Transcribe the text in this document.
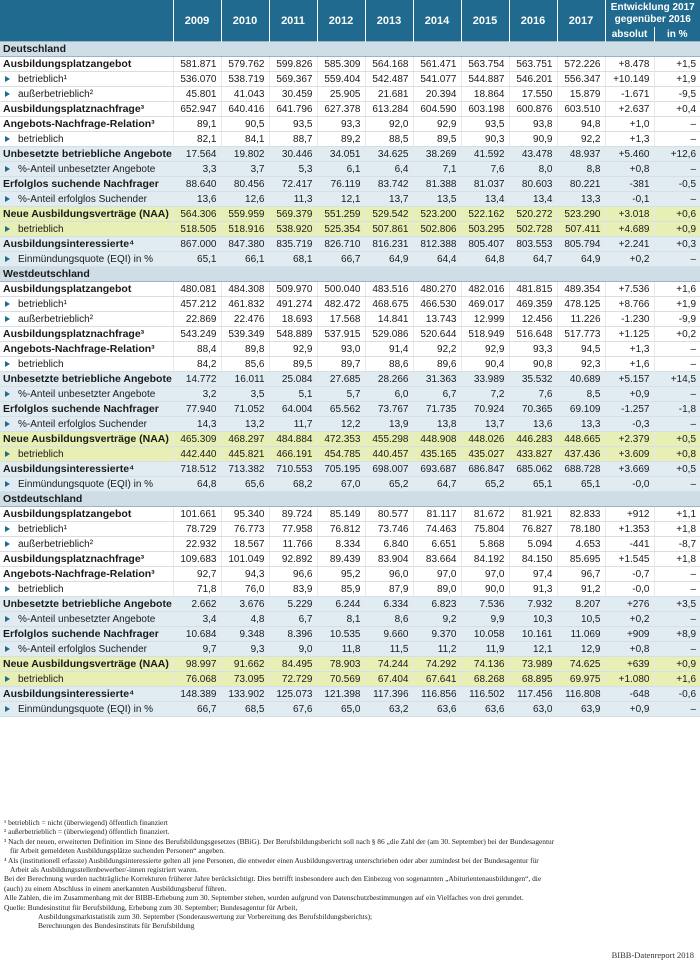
	2009	2010	2011	2012	2013	2014	2015	2016	2017	Entwicklung 2017
gegenüber 2016	
										absolut	in %
Deutschland											
Ausbildungsplatzangebot	581.871	579.762	599.826	585.309	564.168	561.471	563.754	563.751	572.226	+8.478	+1,5
betrieblich¹	536.070	538.719	569.367	559.404	542.487	541.077	544.887	546.201	556.347	+10.149	+1,9
außerbetrieblich²	45.801	41.043	30.459	25.905	21.681	20.394	18.864	17.550	15.879	-1.671	-9,5
Ausbildungsplatznachfrage³	652.947	640.416	641.796	627.378	613.284	604.590	603.198	600.876	603.510	+2.637	+0,4
Angebots-Nachfrage-Relation³	89,1	90,5	93,5	93,3	92,0	92,9	93,5	93,8	94,8	+1,0	–
betrieblich	82,1	84,1	88,7	89,2	88,5	89,5	90,3	90,9	92,2	+1,3	–
Unbesetzte betriebliche Angebote	17.564	19.802	30.446	34.051	34.625	38.269	41.592	43.478	48.937	+5.460	+12,6
%-Anteil unbesetzter Angebote	3,3	3,7	5,3	6,1	6,4	7,1	7,6	8,0	8,8	+0,8	–
Erfolglos suchende Nachfrager	88.640	80.456	72.417	76.119	83.742	81.388	81.037	80.603	80.221	-381	-0,5
%-Anteil erfolglos Suchender	13,6	12,6	11,3	12,1	13,7	13,5	13,4	13,4	13,3	-0,1	–
Neue Ausbildungsverträge (NAA)	564.306	559.959	569.379	551.259	529.542	523.200	522.162	520.272	523.290	+3.018	+0,6
betrieblich	518.505	518.916	538.920	525.354	507.861	502.806	503.295	502.728	507.411	+4.689	+0,9
Ausbildungsinteressierte⁴	867.000	847.380	835.719	826.710	816.231	812.388	805.407	803.553	805.794	+2.241	+0,3
Einmündungsquote (EQI) in %	65,1	66,1	68,1	66,7	64,9	64,4	64,8	64,7	64,9	+0,2	–
Westdeutschland											
Ausbildungsplatzangebot	480.081	484.308	509.970	500.040	483.516	480.270	482.016	481.815	489.354	+7.536	+1,6
betrieblich¹	457.212	461.832	491.274	482.472	468.675	466.530	469.017	469.359	478.125	+8.766	+1,9
außerbetrieblich²	22.869	22.476	18.693	17.568	14.841	13.743	12.999	12.456	11.226	-1.230	-9,9
Ausbildungsplatznachfrage³	543.249	539.349	548.889	537.915	529.086	520.644	518.949	516.648	517.773	+1.125	+0,2
Angebots-Nachfrage-Relation³	88,4	89,8	92,9	93,0	91,4	92,2	92,9	93,3	94,5	+1,3	–
betrieblich	84,2	85,6	89,5	89,7	88,6	89,6	90,4	90,8	92,3	+1,6	–
Unbesetzte betriebliche Angebote	14.772	16.011	25.084	27.685	28.266	31.363	33.989	35.532	40.689	+5.157	+14,5
%-Anteil unbesetzter Angebote	3,2	3,5	5,1	5,7	6,0	6,7	7,2	7,6	8,5	+0,9	–
Erfolglos suchende Nachfrager	77.940	71.052	64.004	65.562	73.767	71.735	70.924	70.365	69.109	-1.257	-1,8
%-Anteil erfolglos Suchender	14,3	13,2	11,7	12,2	13,9	13,8	13,7	13,6	13,3	-0,3	–
Neue Ausbildungsverträge (NAA)	465.309	468.297	484.884	472.353	455.298	448.908	448.026	446.283	448.665	+2.379	+0,5
betrieblich	442.440	445.821	466.191	454.785	440.457	435.165	435.027	433.827	437.436	+3.609	+0,8
Ausbildungsinteressierte⁴	718.512	713.382	710.553	705.195	698.007	693.687	686.847	685.062	688.728	+3.669	+0,5
Einmündungsquote (EQI) in %	64,8	65,6	68,2	67,0	65,2	64,7	65,2	65,1	65,1	-0,0	–
Ostdeutschland											
Ausbildungsplatzangebot	101.661	95.340	89.724	85.149	80.577	81.117	81.672	81.921	82.833	+912	+1,1
betrieblich¹	78.729	76.773	77.958	76.812	73.746	74.463	75.804	76.827	78.180	+1.353	+1,8
außerbetrieblich²	22.932	18.567	11.766	8.334	6.840	6.651	5.868	5.094	4.653	-441	-8,7
Ausbildungsplatznachfrage³	109.683	101.049	92.892	89.439	83.904	83.664	84.192	84.150	85.695	+1.545	+1,8
Angebots-Nachfrage-Relation³	92,7	94,3	96,6	95,2	96,0	97,0	97,0	97,4	96,7	-0,7	–
betrieblich	71,8	76,0	83,9	85,9	87,9	89,0	90,0	91,3	91,2	-0,0	–
Unbesetzte betriebliche Angebote	2.662	3.676	5.229	6.244	6.334	6.823	7.536	7.932	8.207	+276	+3,5
%-Anteil unbesetzter Angebote	3,4	4,8	6,7	8,1	8,6	9,2	9,9	10,3	10,5	+0,2	–
Erfolglos suchende Nachfrager	10.684	9.348	8.396	10.535	9.660	9.370	10.058	10.161	11.069	+909	+8,9
%-Anteil erfolglos Suchender	9,7	9,3	9,0	11,8	11,5	11,2	11,9	12,1	12,9	+0,8	–
Neue Ausbildungsverträge (NAA)	98.997	91.662	84.495	78.903	74.244	74.292	74.136	73.989	74.625	+639	+0,9
betrieblich	76.068	73.095	72.729	70.569	67.404	67.641	68.268	68.895	69.975	+1.080	+1,6
Ausbildungsinteressierte⁴	148.389	133.902	125.073	121.398	117.396	116.856	116.502	117.456	116.808	-648	-0,6
Einmündungsquote (EQI) in %	66,7	68,5	67,6	65,0	63,2	63,6	63,6	63,0	63,9	+0,9	–

¹ betrieblich = nicht (überwiegend) öffentlich finanziert

² außerbetrieblich = (überwiegend) öffentlich finanziert.

³ Nach der neuen, erweiterten Definition im Sinne des Berufsbildungsgesetzes (BBiG). Der Berufsbildungsbericht soll nach § 86 „die Zahl der (am 30. September) bei der Bundesagentur

für Arbeit gemeldeten Ausbildungsplätze suchenden Personen“ angeben.

⁴ Als (institutionell erfasste) Ausbildungsinteressierte gelten all jene Personen, die entweder einen Ausbildungsvertrag unterschrieben oder aber zumindest bei der Bundesagentur für

Arbeit als Ausbildungsstellenbewerber/-innen registriert waren.

Bei der Berechnung wurden nachträgliche Korrekturen früherer Jahre berücksichtigt. Dies betrifft insbesondere auch den Einbezug von sogenannten „Abiturientenausbildungen“, die

(auch) zu einem Abschluss in einem anerkannten Ausbildungsberuf führen.

Alle Zahlen, die im Zusammenhang mit der BIBB-Erhebung zum 30. September stehen, wurden aufgrund von Datenschutzbestimmungen auf ein Vielfaches von drei gerundet.

Quelle: Bundesinstitut für Berufsbildung, Erhebung zum 30. September; Bundesagentur für Arbeit,

Ausbildungsmarktstatistik zum 30. September (Sonderauswertung zur Vorbereitung des Berufsbildungsberichts);

Berechnungen des Bundesinstituts für Berufsbildung

BIBB-Datenreport 2018
